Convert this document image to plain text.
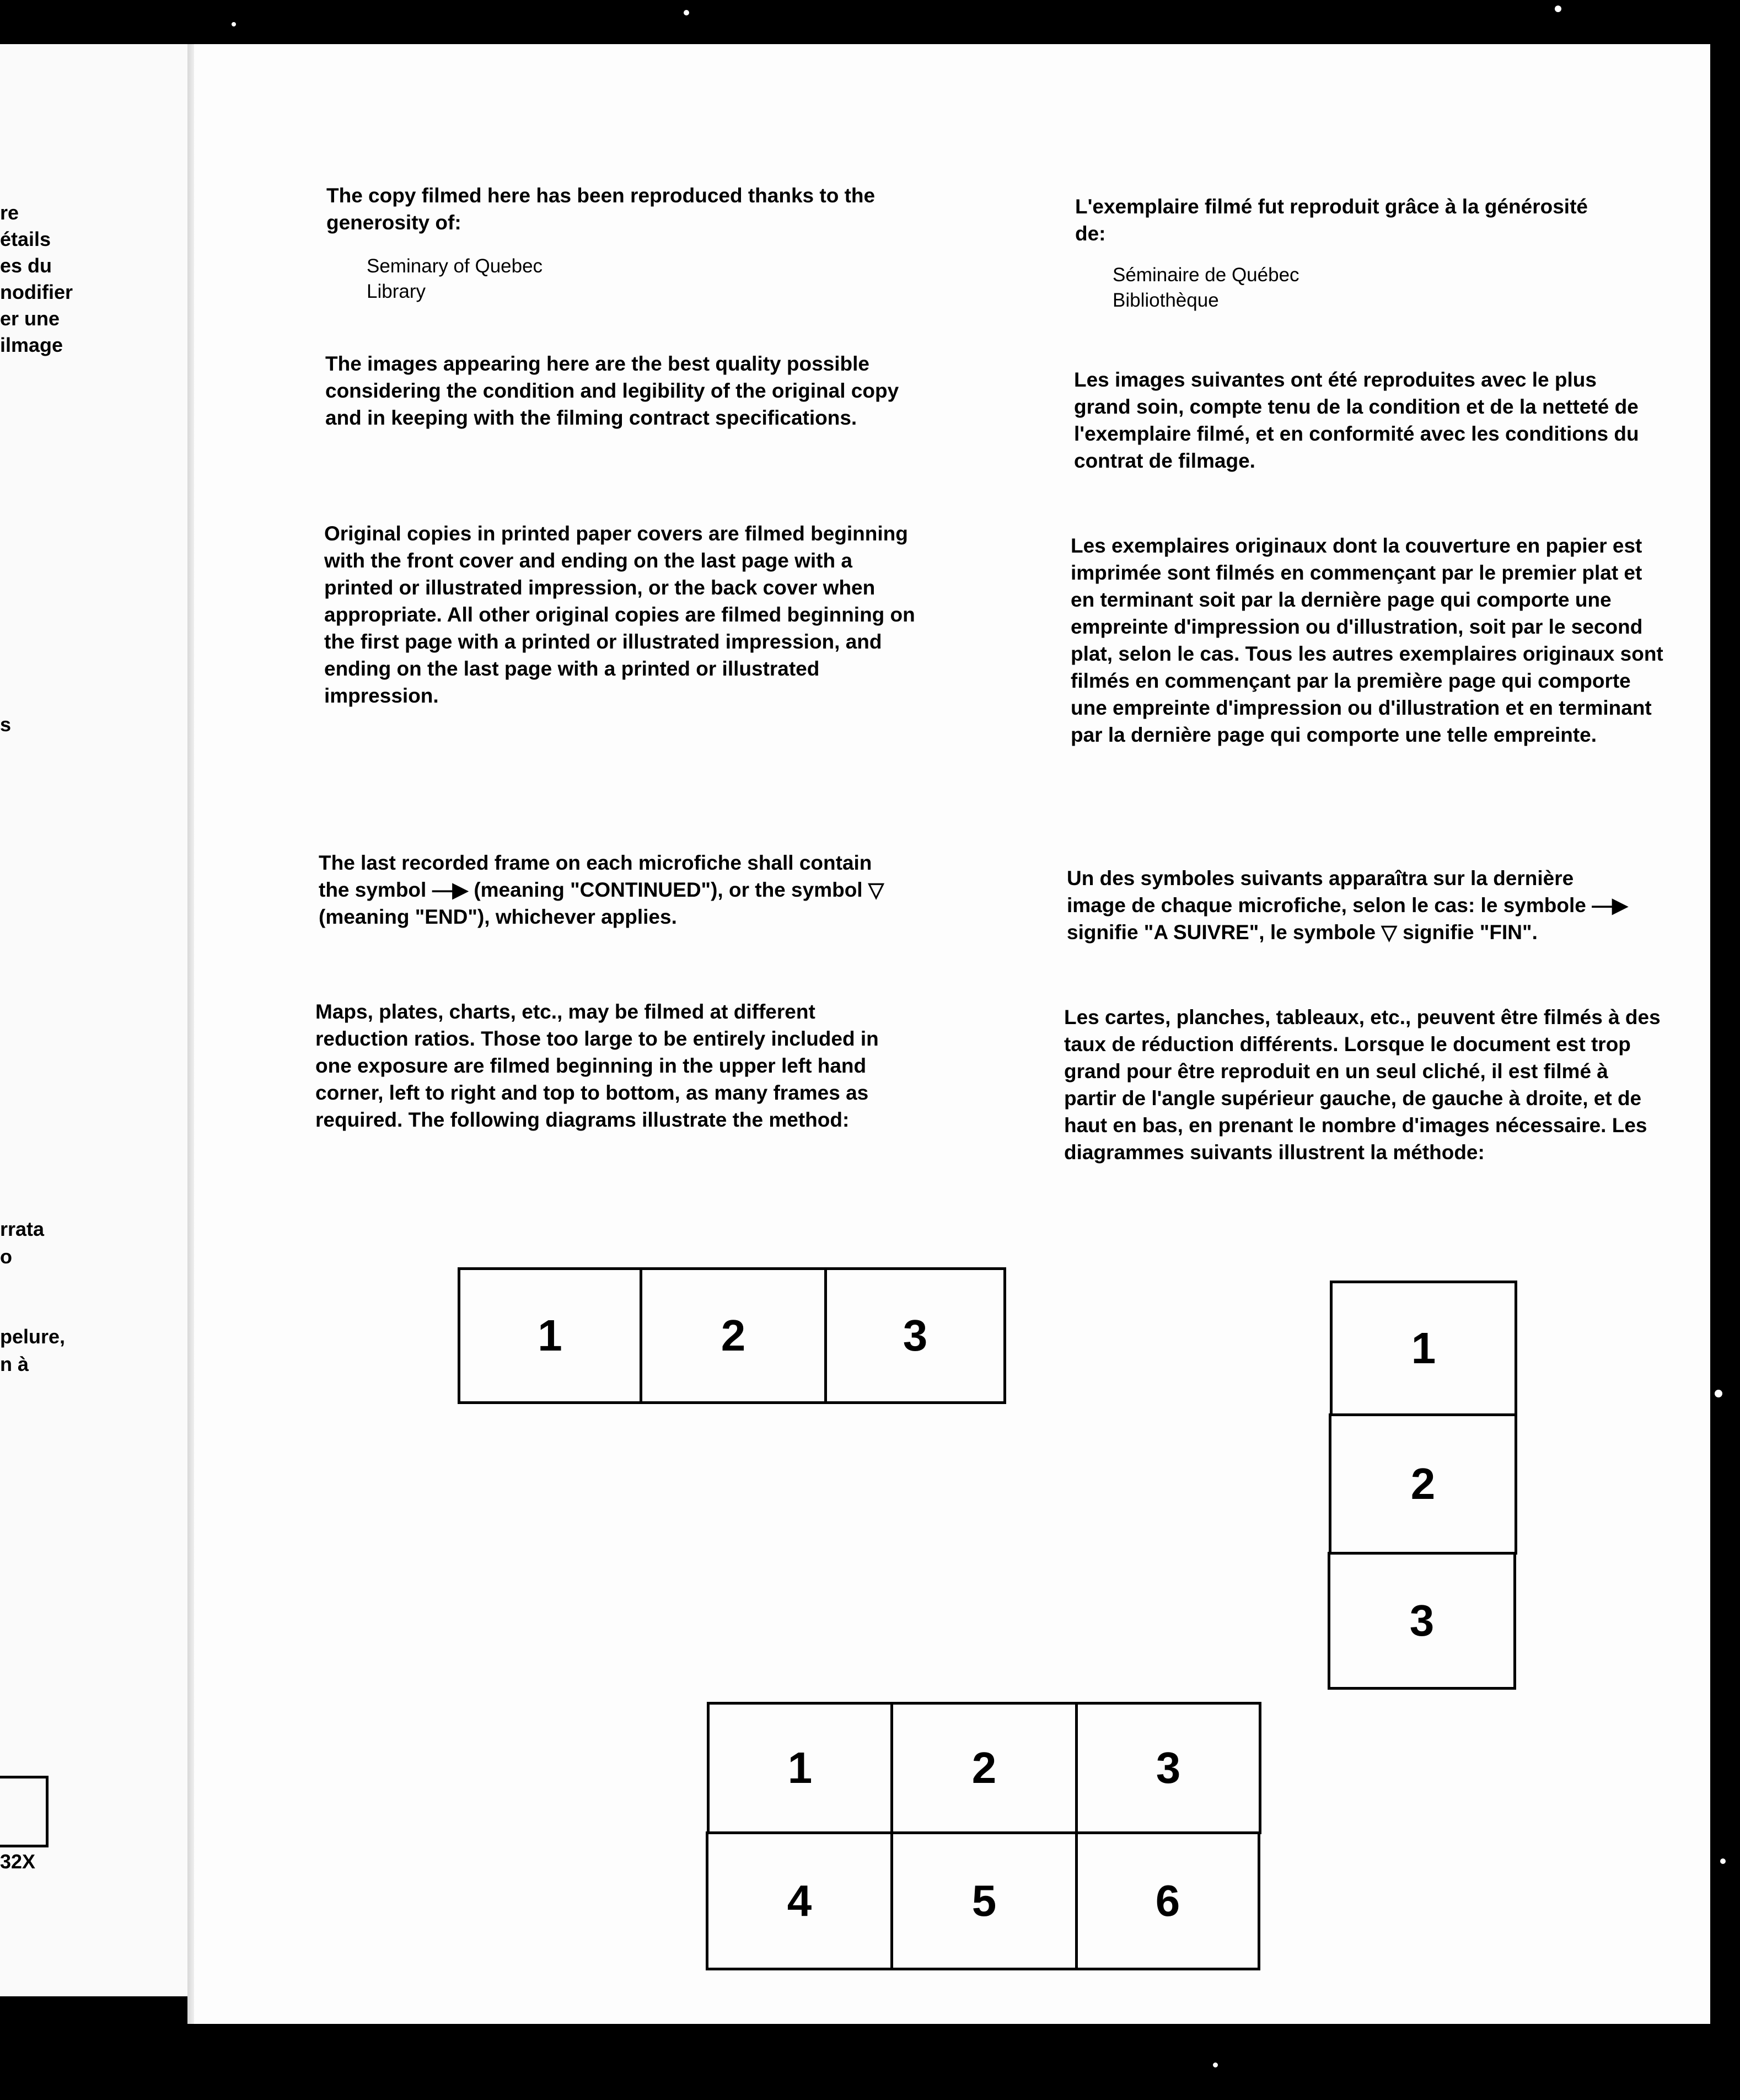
re
étails
es du
nodifier
er une
ilmage
s
rrata
o
pelure,
n à
32X
The copy filmed here has been reproduced thanks to the generosity of:
Seminary of Quebec
Library
The images appearing here are the best quality possible considering the condition and legibility of the original copy and in keeping with the filming contract specifications.
Original copies in printed paper covers are filmed beginning with the front cover and ending on the last page with a printed or illustrated impression, or the back cover when appropriate. All other original copies are filmed beginning on the first page with a printed or illustrated impression, and ending on the last page with a printed or illustrated impression.
The last recorded frame on each microfiche shall contain the symbol —▶ (meaning "CONTINUED"), or the symbol ▽ (meaning "END"), whichever applies.
Maps, plates, charts, etc., may be filmed at different reduction ratios. Those too large to be entirely included in one exposure are filmed beginning in the upper left hand corner, left to right and top to bottom, as many frames as required. The following diagrams illustrate the method:
L'exemplaire filmé fut reproduit grâce à la générosité de:
Séminaire de Québec
Bibliothèque
Les images suivantes ont été reproduites avec le plus grand soin, compte tenu de la condition et de la netteté de l'exemplaire filmé, et en conformité avec les conditions du contrat de filmage.
Les exemplaires originaux dont la couverture en papier est imprimée sont filmés en commençant par le premier plat et en terminant soit par la dernière page qui comporte une empreinte d'impression ou d'illustration, soit par le second plat, selon le cas. Tous les autres exemplaires originaux sont filmés en commençant par la première page qui comporte une empreinte d'impression ou d'illustration et en terminant par la dernière page qui comporte une telle empreinte.
Un des symboles suivants apparaîtra sur la dernière image de chaque microfiche, selon le cas: le symbole —▶ signifie "A SUIVRE", le symbole ▽ signifie "FIN".
Les cartes, planches, tableaux, etc., peuvent être filmés à des taux de réduction différents. Lorsque le document est trop grand pour être reproduit en un seul cliché, il est filmé à partir de l'angle supérieur gauche, de gauche à droite, et de haut en bas, en prenant le nombre d'images nécessaire. Les diagrammes suivants illustrent la méthode:
1	2	3	1
2
3
1	2	3
4	5	6
